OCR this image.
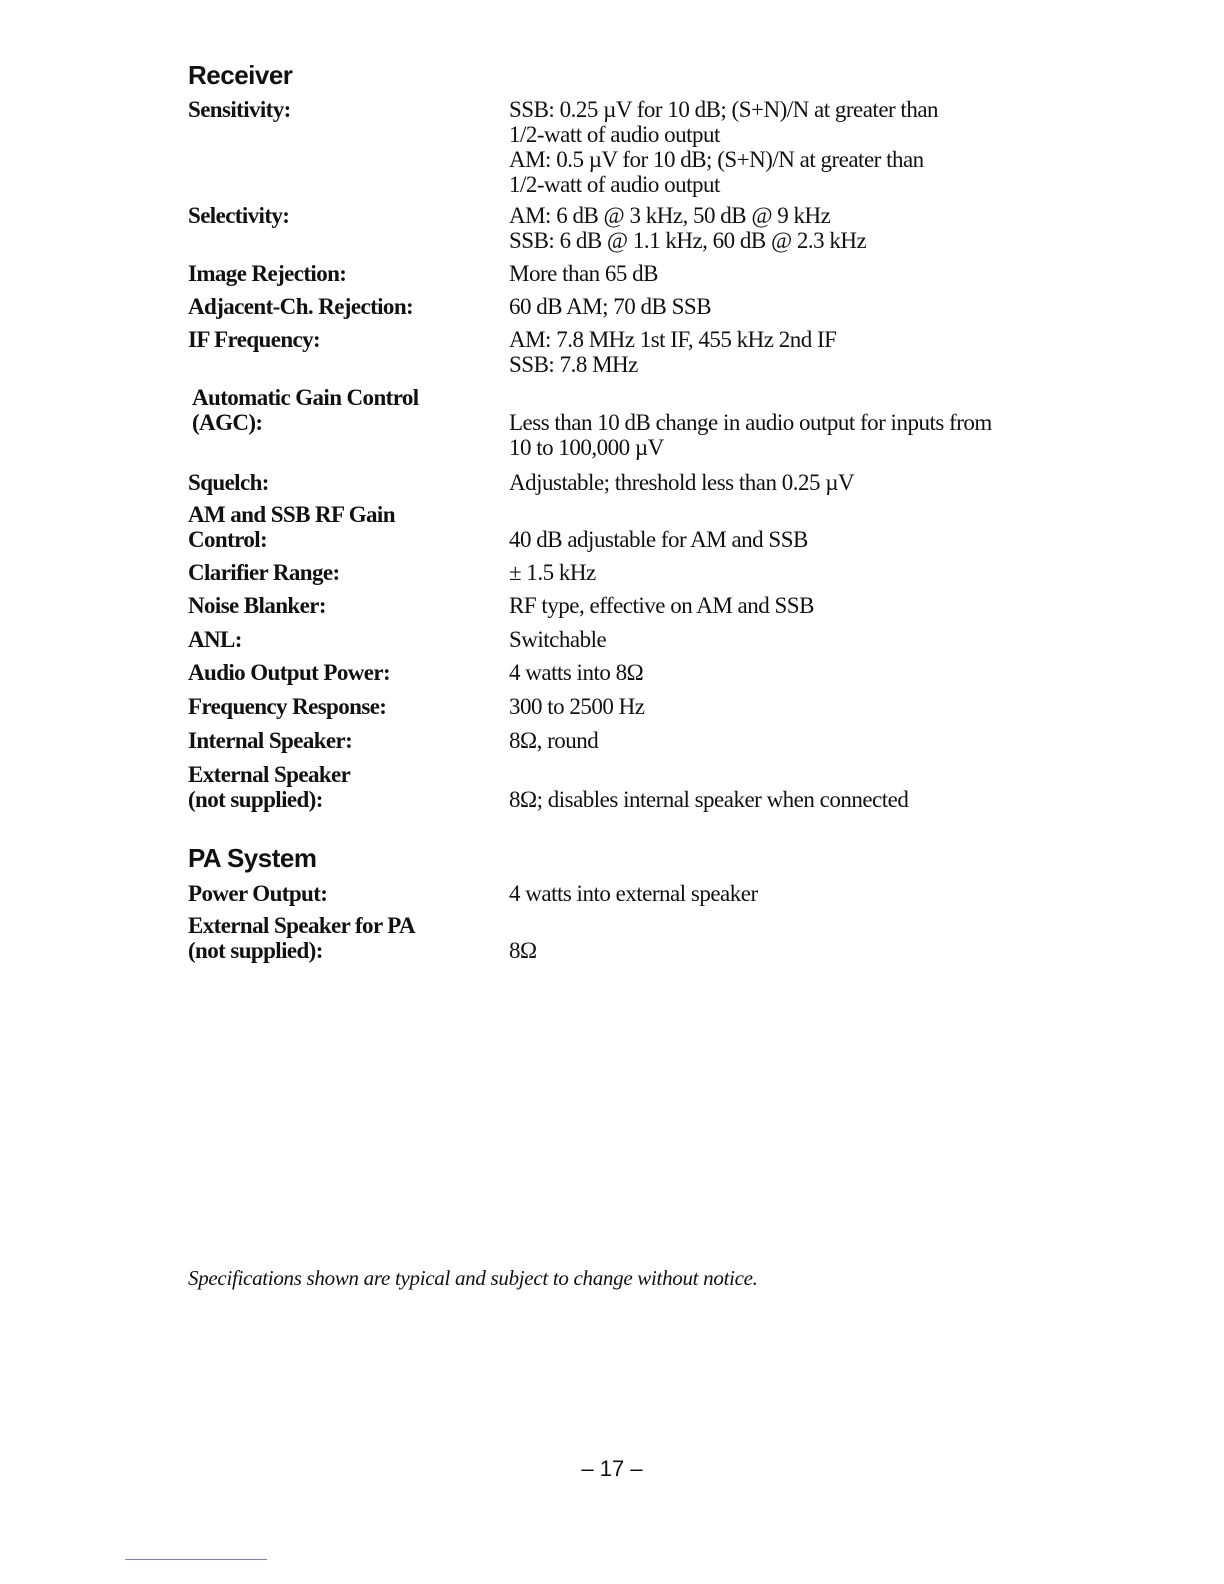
Receiver
Sensitivity:	SSB: 0.25 µV for 10 dB; (S+N)/N at greater than
1/2-watt of audio output
AM: 0.5 µV for 10 dB; (S+N)/N at greater than
1/2-watt of audio output
Selectivity:	AM: 6 dB @ 3 kHz, 50 dB @ 9 kHz
SSB: 6 dB @ 1.1 kHz, 60 dB @ 2.3 kHz
Image Rejection:	More than 65 dB
Adjacent-Ch. Rejection:	60 dB AM; 70 dB SSB
IF Frequency:	AM: 7.8 MHz 1st IF, 455 kHz 2nd IF
SSB: 7.8 MHz
Automatic Gain Control
(AGC):	Less than 10 dB change in audio output for inputs from
10 to 100,000 µV
Squelch:	Adjustable; threshold less than 0.25 µV
AM and SSB RF Gain
Control:	40 dB adjustable for AM and SSB
Clarifier Range:	± 1.5 kHz
Noise Blanker:	RF type, effective on AM and SSB
ANL:	Switchable
Audio Output Power:	4 watts into 8Ω
Frequency Response:	300 to 2500 Hz
Internal Speaker:	8Ω, round
External Speaker
(not supplied):	8Ω; disables internal speaker when connected
PA System
Power Output:	4 watts into external speaker
External Speaker for PA
(not supplied):	8Ω
Specifications shown are typical and subject to change without notice.
– 17 –
